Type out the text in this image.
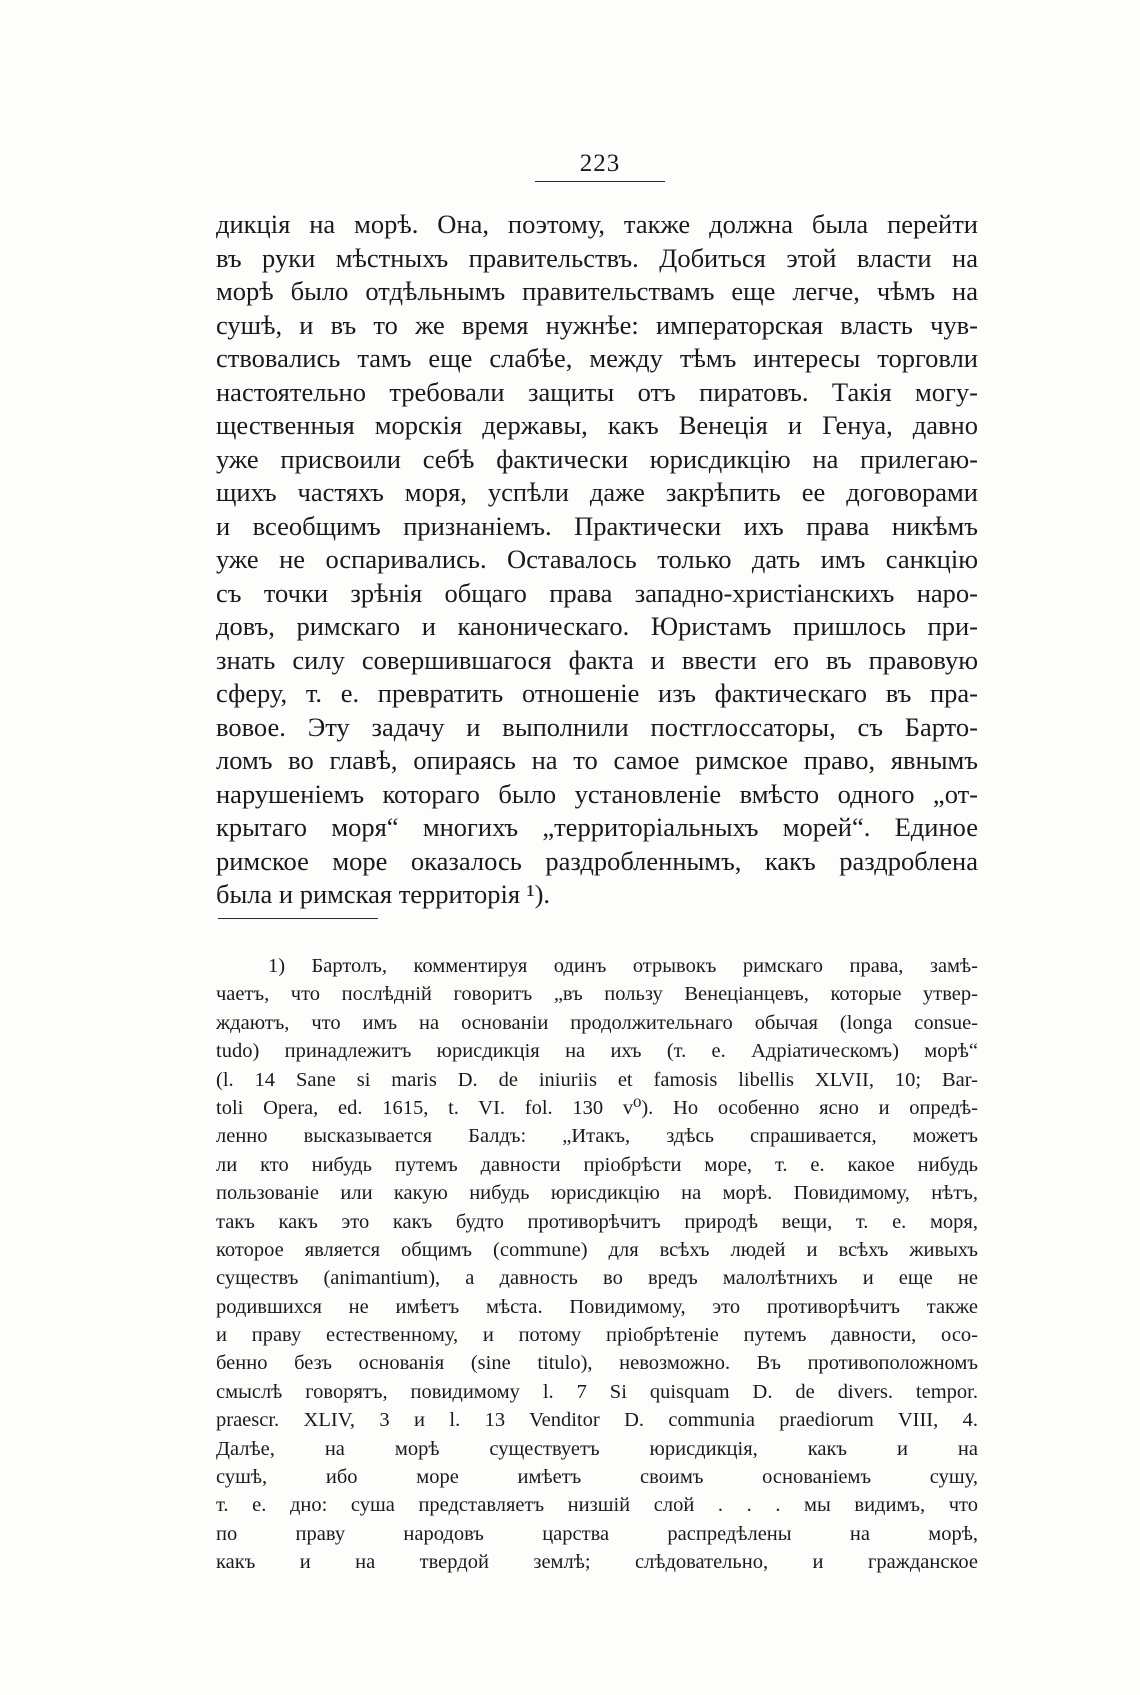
223
дикція на морѣ. Она, поэтому, также должна была перейти
въ руки мѣстныхъ правительствъ. Добиться этой власти на
морѣ было отдѣльнымъ правительствамъ еще легче, чѣмъ на
сушѣ, и въ то же время нужнѣе: императорская власть чув-
ствовались тамъ еще слабѣе, между тѣмъ интересы торговли
настоятельно требовали защиты отъ пиратовъ. Такія могу-
щественныя морскія державы, какъ Венеція и Генуа, давно
уже присвоили себѣ фактически юрисдикцію на прилегаю-
щихъ частяхъ моря, успѣли даже закрѣпить ее договорами
и всеобщимъ признаніемъ. Практически ихъ права никѣмъ
уже не оспаривались. Оставалось только дать имъ санкцію
съ точки зрѣнія общаго права западно-христіанскихъ наро-
довъ, римскаго и каноническаго. Юристамъ пришлось при-
знать силу совершившагося факта и ввести его въ правовую
сферу, т. е. превратить отношеніе изъ фактическаго въ пра-
вовое. Эту задачу и выполнили постглоссаторы, съ Барто-
ломъ во главѣ, опираясь на то самое римское право, явнымъ
нарушеніемъ котораго было установленіе вмѣсто одного „от-
крытаго моря“ многихъ „территоріальныхъ морей“. Единое
римское море оказалось раздробленнымъ, какъ раздроблена
была и римская территорія ¹).
1) Бартолъ, комментируя одинъ отрывокъ римскаго права, замѣ-
чаетъ, что послѣдній говоритъ „въ пользу Венеціанцевъ, которые утвер-
ждаютъ, что имъ на основаніи продолжительнаго обычая (longa consue-
tudo) принадлежитъ юрисдикція на ихъ (т. е. Адріатическомъ) морѣ“
(l. 14 Sane si maris D. de iniuriis et famosis libellis XLVII, 10; Bar-
toli Opera, ed. 1615, t. VI. fol. 130 v⁰). Но особенно ясно и опредѣ-
ленно высказывается Балдъ: „Итакъ, здѣсь спрашивается, можетъ
ли кто нибудь путемъ давности пріобрѣсти море, т. е. какое нибудь
пользованіе или какую нибудь юрисдикцію на морѣ. Повидимому, нѣтъ,
такъ какъ это какъ будто противорѣчитъ природѣ вещи, т. е. моря,
которое является общимъ (commune) для всѣхъ людей и всѣхъ живыхъ
существъ (animantium), а давность во вредъ малолѣтнихъ и еще не
родившихся не имѣетъ мѣста. Повидимому, это противорѣчитъ также
и праву естественному, и потому пріобрѣтеніе путемъ давности, осо-
бенно безъ основанія (sine titulo), невозможно. Въ противоположномъ
смыслѣ говорятъ, повидимому l. 7 Si quisquam D. de divers. tempor.
praescr. XLIV, 3 и l. 13 Venditor D. communia praediorum VIII, 4.
Далѣе, на морѣ существуетъ юрисдикція, какъ и на
сушѣ, ибо море имѣетъ своимъ основаніемъ сушу,
т. е. дно: суша представляетъ низшій слой . . . мы видимъ, что
по праву народовъ царства распредѣлены на морѣ,
какъ и на твердой землѣ; слѣдовательно, и гражданское
